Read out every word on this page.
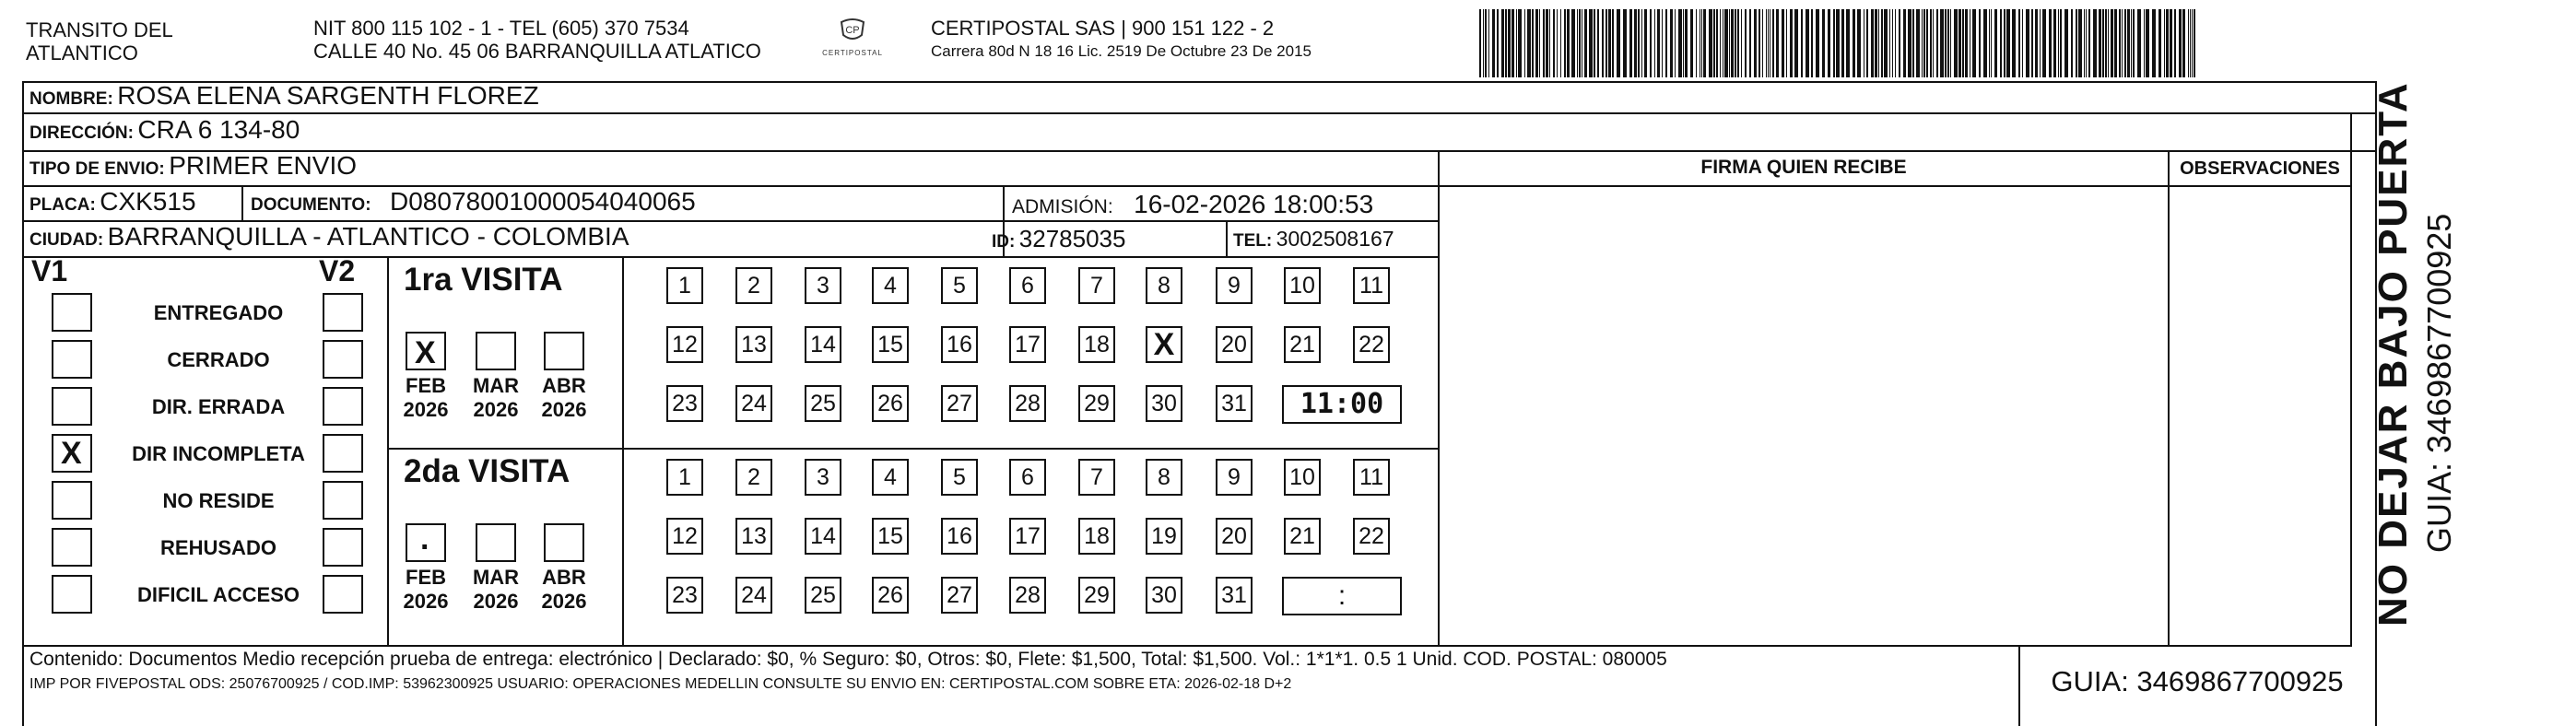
TRANSITO DEL
ATLANTICO
NIT 800 115 102 - 1 - TEL (605) 370 7534
CALLE 40 No. 45 06 BARRANQUILLA ATLATICO
CP
CERTIPOSTAL
CERTIPOSTAL SAS | 900 151 122 - 2
Carrera 80d N 18 16 Lic. 2519 De Octubre 23 De 2015
NOMBRE: ROSA ELENA SARGENTH FLOREZ
DIRECCIÓN: CRA 6 134-80
TIPO DE ENVIO: PRIMER ENVIO
PLACA: CXK515	DOCUMENTO: D08078001000054040065	ADMISIÓN: 16-02-2026 18:00:53
CIUDAD: BARRANQUILLA - ATLANTICO - COLOMBIA	ID: 32785035	TEL: 3002508167
FIRMA QUIEN RECIBE	OBSERVACIONES
V1	V2
ENTREGADO
CERRADO
DIR. ERRADA
X	DIR INCOMPLETA
NO RESIDE
REHUSADO
DIFICIL ACCESO
1ra VISITA
2da VISITA
X
FEB
2026
MAR
2026
ABR
2026
1	2	3	4	5	6	7	8	9	10 11
12 13 14 15 16 17 18 X	20 21 22
23 24 25 26 27 28 29 30 31	11:00
.
FEB
2026
MAR
2026
ABR
2026
1	2	3	4	5	6	7	8	9	10 11
12 13 14 15 16 17 18 19 20 21 22
23 24 25 26 27 28 29 30 31	:
Contenido: Documentos Medio recepción prueba de entrega: electrónico | Declarado: $0, % Seguro: $0, Otros: $0, Flete: $1,500, Total: $1,500. Vol.: 1*1*1. 0.5 1 Unid. COD. POSTAL: 080005
IMP POR FIVEPOSTAL ODS: 25076700925 / COD.IMP: 53962300925 USUARIO: OPERACIONES MEDELLIN CONSULTE SU ENVIO EN: CERTIPOSTAL.COM SOBRE ETA: 2026-02-18 D+2	GUIA: 3469867700925
NO DEJAR BAJO PUERTA GUIA: 3469867700925
